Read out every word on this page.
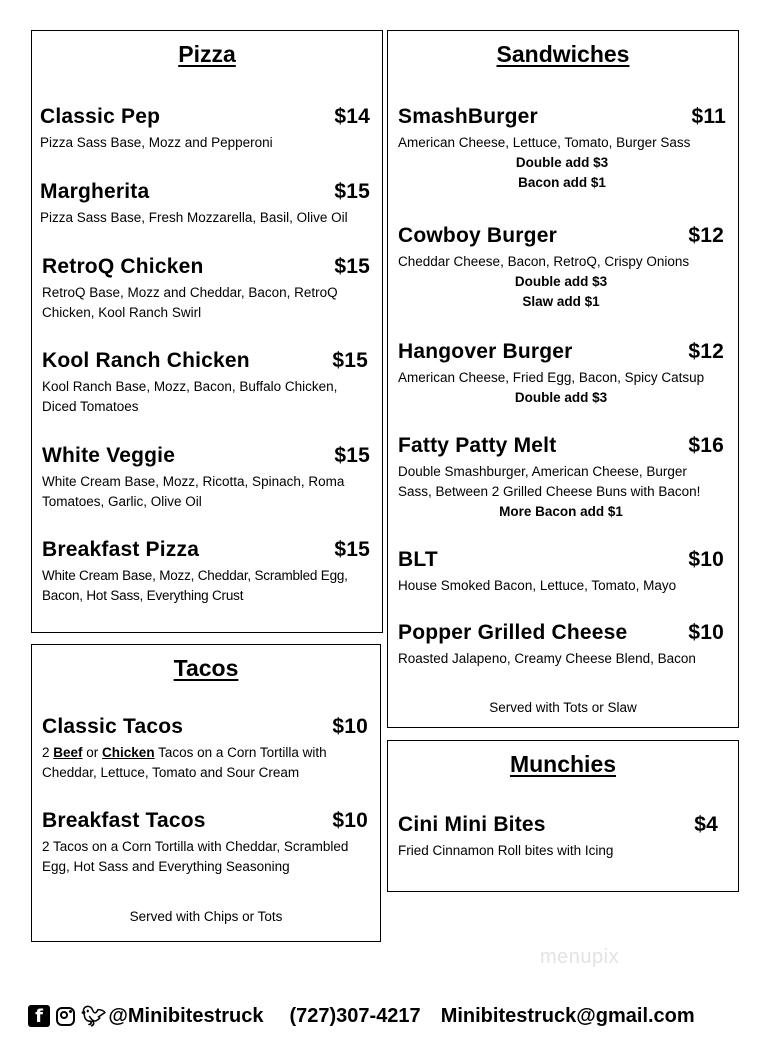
Pizza
Classic Pep	$14
Pizza Sass Base, Mozz and Pepperoni
Margherita	$15
Pizza Sass Base, Fresh Mozzarella, Basil, Olive Oil
RetroQ Chicken	$15
RetroQ Base, Mozz and Cheddar, Bacon, RetroQ Chicken, Kool Ranch Swirl
Kool Ranch Chicken	$15
Kool Ranch Base, Mozz, Bacon, Buffalo Chicken, Diced Tomatoes
White Veggie	$15
White Cream Base, Mozz, Ricotta, Spinach, Roma Tomatoes, Garlic, Olive Oil
Breakfast Pizza	$15
White Cream Base, Mozz, Cheddar, Scrambled Egg, Bacon, Hot Sass, Everything Crust
Tacos
Classic Tacos	$10
2 Beef or Chicken Tacos on a Corn Tortilla with Cheddar, Lettuce, Tomato and Sour Cream
Breakfast Tacos	$10
2 Tacos on a Corn Tortilla with Cheddar, Scrambled Egg, Hot Sass and Everything Seasoning
Served with Chips or Tots
Sandwiches
SmashBurger	$11
American Cheese, Lettuce, Tomato, Burger Sass
Double add $3
Bacon add $1
Cowboy Burger	$12
Cheddar Cheese, Bacon, RetroQ, Crispy Onions
Double add $3
Slaw add $1
Hangover Burger	$12
American Cheese, Fried Egg, Bacon, Spicy Catsup
Double add $3
Fatty Patty Melt	$16
Double Smashburger, American Cheese, Burger Sass, Between 2 Grilled Cheese Buns with Bacon!
More Bacon add $1
BLT	$10
House Smoked Bacon, Lettuce, Tomato, Mayo
Popper Grilled Cheese	$10
Roasted Jalapeno, Creamy Cheese Blend, Bacon
Served with Tots or Slaw
Munchies
Cini Mini Bites	$4
Fried Cinnamon Roll bites with Icing
menupix
f	🐦︎ @Minibitestruck (727)307-4217 Minibitestruck@gmail.com
